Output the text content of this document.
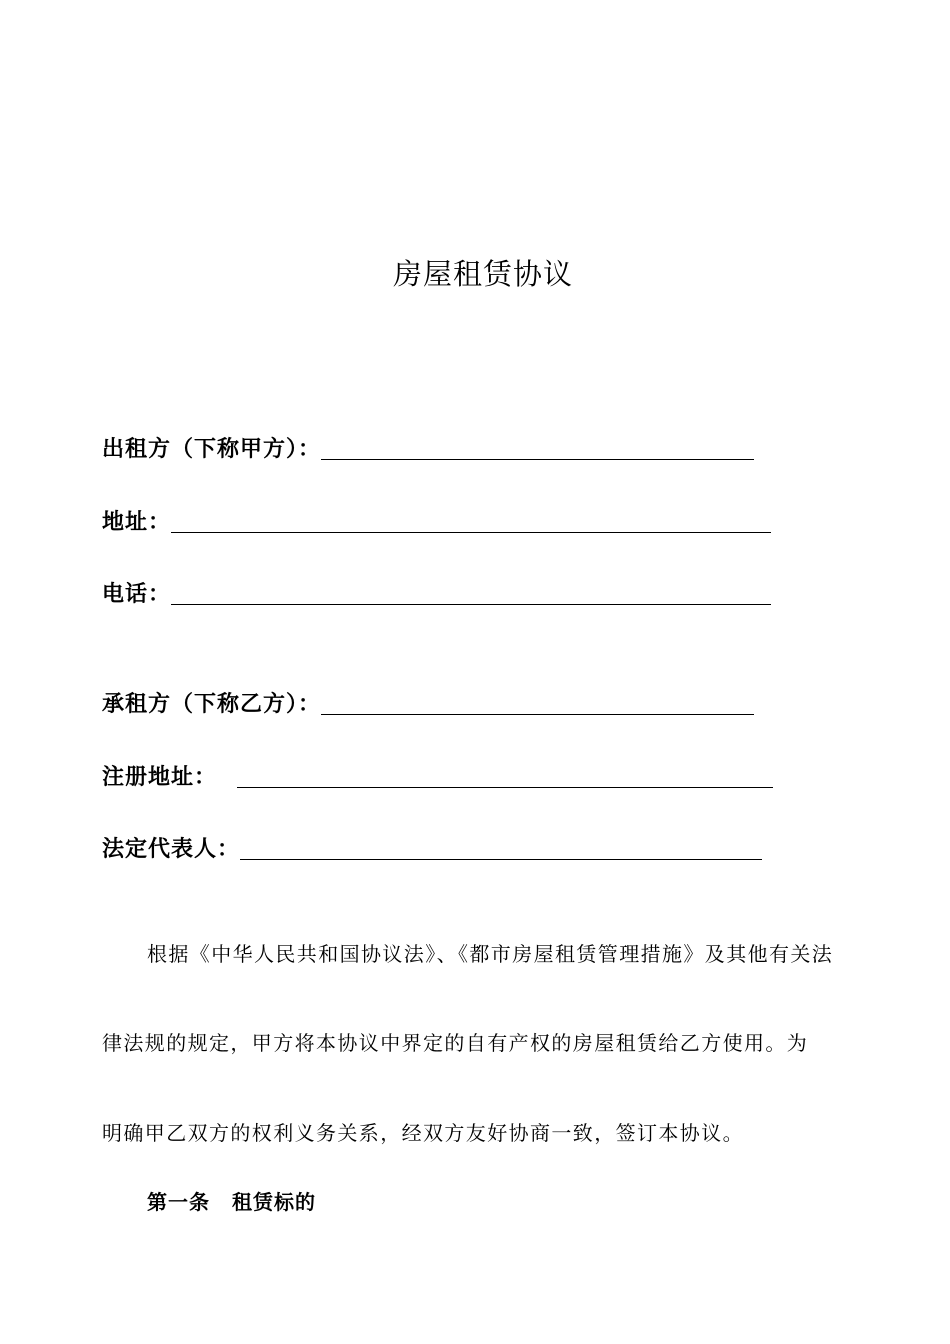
房屋租赁协议
出租方（下称甲方）：
地址：
电话：
承租方（下称乙方）：
注册地址：
法定代表人：
根据《中华人民共和国协议法》、《都市房屋租赁管理措施》及其他有关法
律法规的规定，甲方将本协议中界定的自有产权的房屋租赁给乙方使用。为
明确甲乙双方的权利义务关系，经双方友好协商一致，签订本协议。
第一条 租赁标的
